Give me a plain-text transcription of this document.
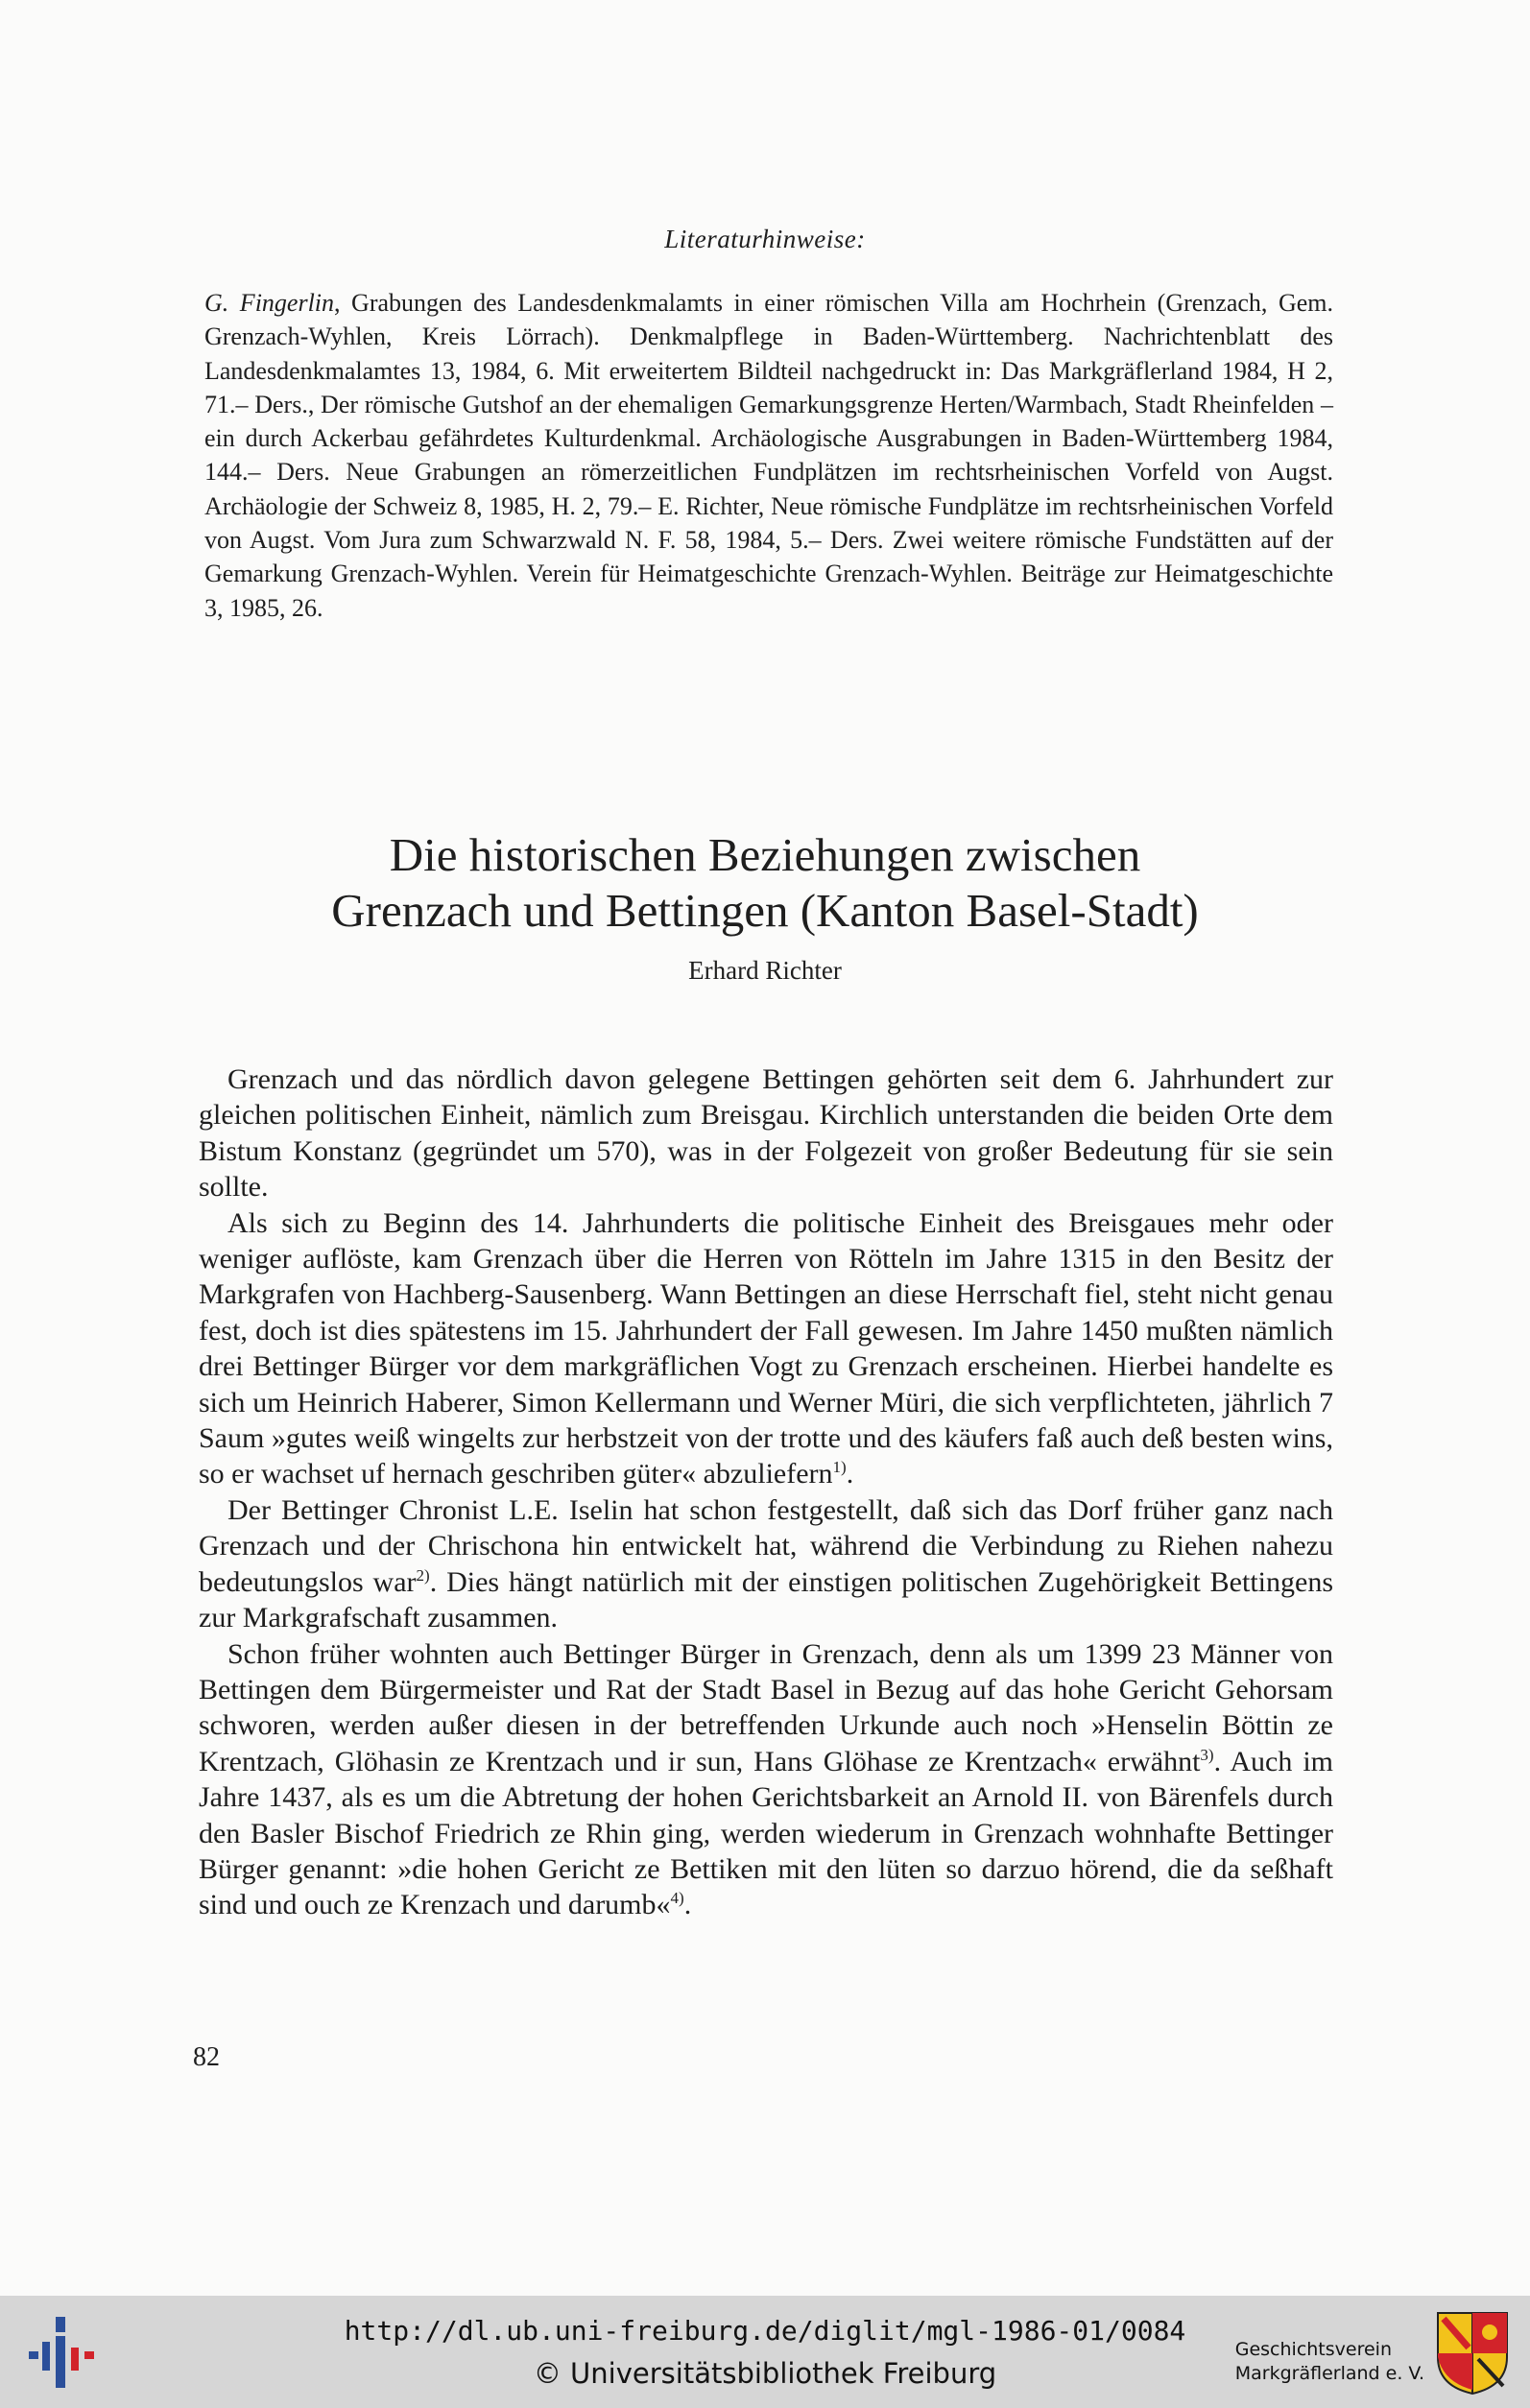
Literaturhinweise:
G. Fingerlin, Grabungen des Landesdenkmalamts in einer römischen Villa am Hochrhein (Grenzach, Gem. Grenzach-Wyhlen, Kreis Lörrach). Denkmalpflege in Baden-Württemberg. Nachrichtenblatt des Landesdenkmalamtes 13, 1984, 6. Mit erweitertem Bildteil nachgedruckt in: Das Markgräflerland 1984, H 2, 71.– Ders., Der römische Gutshof an der ehemaligen Gemarkungsgrenze Herten/Warmbach, Stadt Rheinfelden – ein durch Ackerbau gefährdetes Kulturdenkmal. Archäologische Ausgrabungen in Baden-Württemberg 1984, 144.– Ders. Neue Grabungen an römerzeitlichen Fundplätzen im rechtsrheinischen Vorfeld von Augst. Archäologie der Schweiz 8, 1985, H. 2, 79.– E. Richter, Neue römische Fundplätze im rechtsrheinischen Vorfeld von Augst. Vom Jura zum Schwarzwald N. F. 58, 1984, 5.– Ders. Zwei weitere römische Fundstätten auf der Gemarkung Grenzach-Wyhlen. Verein für Heimatgeschichte Grenzach-Wyhlen. Beiträge zur Heimatgeschichte 3, 1985, 26.
Die historischen Beziehungen zwischen
Grenzach und Bettingen (Kanton Basel-Stadt)
Erhard Richter

Grenzach und das nördlich davon gelegene Bettingen gehörten seit dem 6. Jahrhundert zur gleichen politischen Einheit, nämlich zum Breisgau. Kirchlich unterstanden die beiden Orte dem Bistum Konstanz (gegründet um 570), was in der Folgezeit von großer Bedeutung für sie sein sollte.

Als sich zu Beginn des 14. Jahrhunderts die politische Einheit des Breisgaues mehr oder weniger auflöste, kam Grenzach über die Herren von Rötteln im Jahre 1315 in den Besitz der Markgrafen von Hachberg-Sausenberg. Wann Bettingen an diese Herrschaft fiel, steht nicht genau fest, doch ist dies spätestens im 15. Jahrhundert der Fall gewesen. Im Jahre 1450 mußten nämlich drei Bettinger Bürger vor dem markgräflichen Vogt zu Grenzach erscheinen. Hierbei handelte es sich um Heinrich Haberer, Simon Kellermann und Werner Müri, die sich verpflichteten, jährlich 7 Saum »gutes weiß wingelts zur herbstzeit von der trotte und des käufers faß auch deß besten wins, so er wachset uf hernach geschriben güter« abzuliefern$^{1)}$.

Der Bettinger Chronist L.E. Iselin hat schon festgestellt, daß sich das Dorf früher ganz nach Grenzach und der Chrischona hin entwickelt hat, während die Verbindung zu Riehen nahezu bedeutungslos war$^{2)}$. Dies hängt natürlich mit der einstigen politischen Zugehörigkeit Bettingens zur Markgrafschaft zusammen.

Schon früher wohnten auch Bettinger Bürger in Grenzach, denn als um 1399 23 Männer von Bettingen dem Bürgermeister und Rat der Stadt Basel in Bezug auf das hohe Gericht Gehorsam schworen, werden außer diesen in der betreffenden Urkunde auch noch »Henselin Böttin ze Krentzach, Glöhasin ze Krentzach und ir sun, Hans Glöhase ze Krentzach« erwähnt$^{3)}$. Auch im Jahre 1437, als es um die Abtretung der hohen Gerichtsbarkeit an Arnold II. von Bärenfels durch den Basler Bischof Friedrich ze Rhin ging, werden wiederum in Grenzach wohnhafte Bettinger Bürger genannt: »die hohen Gericht ze Bettiken mit den lüten so darzuo hörend, die da seßhaft sind und ouch ze Krenzach und darumb«$^{4)}$.

82
http://dl.ub.uni-freiburg.de/diglit/mgl-1986-01/0084
© Universitätsbibliothek Freiburg
Geschichtsverein
Markgräflerland e. V.
